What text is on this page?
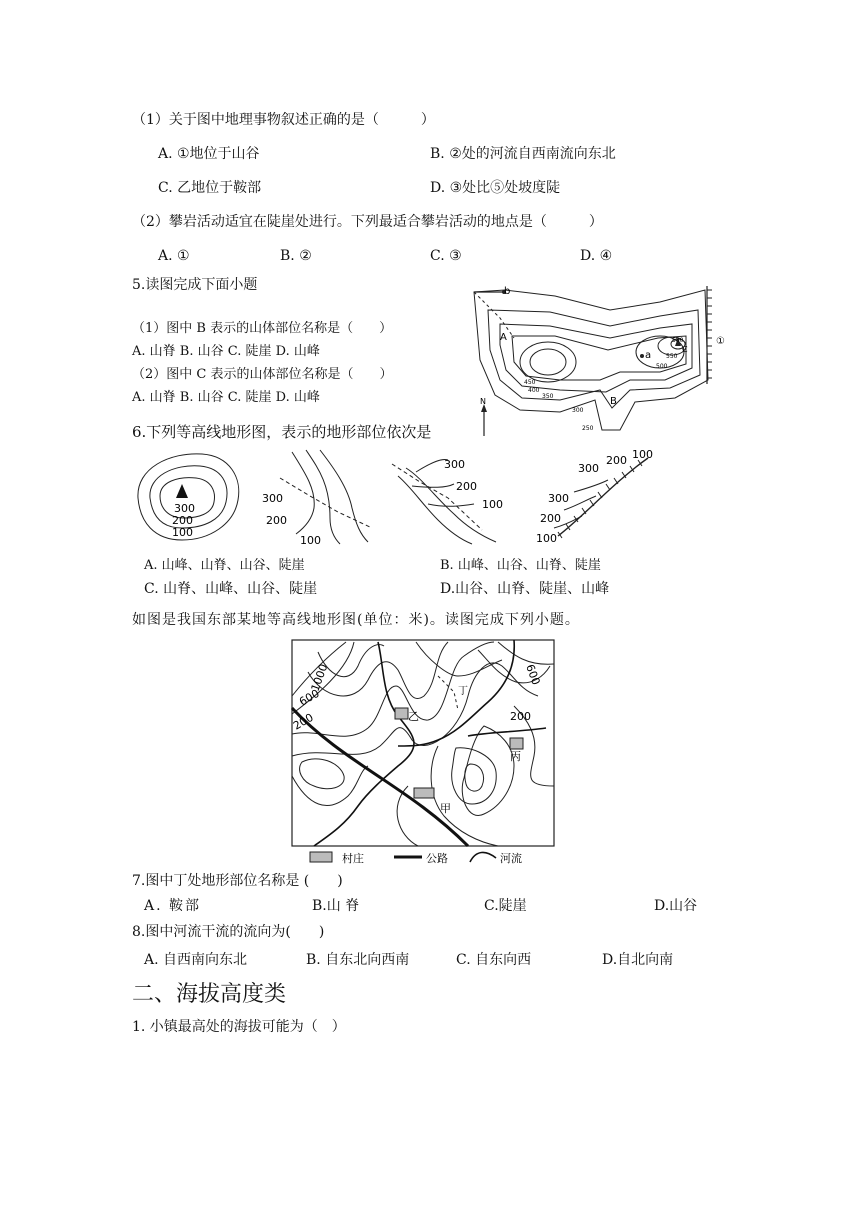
（1）关于图中地理事物叙述正确的是（　　　）
A. ①地位于山谷	B. ②处的河流自西南流向东北
C. 乙地位于鞍部	D. ③处比⑤处坡度陡
（2）攀岩活动适宜在陡崖处进行。下列最适合攀岩活动的地点是（　　　）
A. ①	B. ②	C. ③	D. ④
5.读图完成下面小题
（1）图中 B 表示的山体部位名称是（　　）
A. 山脊 B. 山谷 C. 陡崖 D. 山峰
（2）图中 C 表示的山体部位名称是（　　）
A. 山脊 B. 山谷 C. 陡崖 D. 山峰
b
A
a
B
C
①
N
450
400
350
300
250
580
550
500
6.下列等高线地形图，表示的地形部位依次是
300
200
100
300
200
100
300
200
100
300
200 100
300
200
100
A. 山峰、山脊、山谷、陡崖	B. 山峰、山谷、山脊、陡崖
C. 山脊、山峰、山谷、陡崖	D.山谷、山脊、陡崖、山峰
如图是我国东部某地等高线地形图(单位：米)。读图完成下列小题。
1000
600
200
600
200
乙
丁
丙
甲
村庄	公路	河流
7.图中丁处地形部位名称是 (　　)
A. 鞍部	B.山 脊	C.陡崖	D.山谷
8.图中河流干流的流向为(　　)
A. 自西南向东北	B. 自东北向西南	C. 自东向西	D.自北向南
二、海拔高度类
1. 小镇最高处的海拔可能为（　）
